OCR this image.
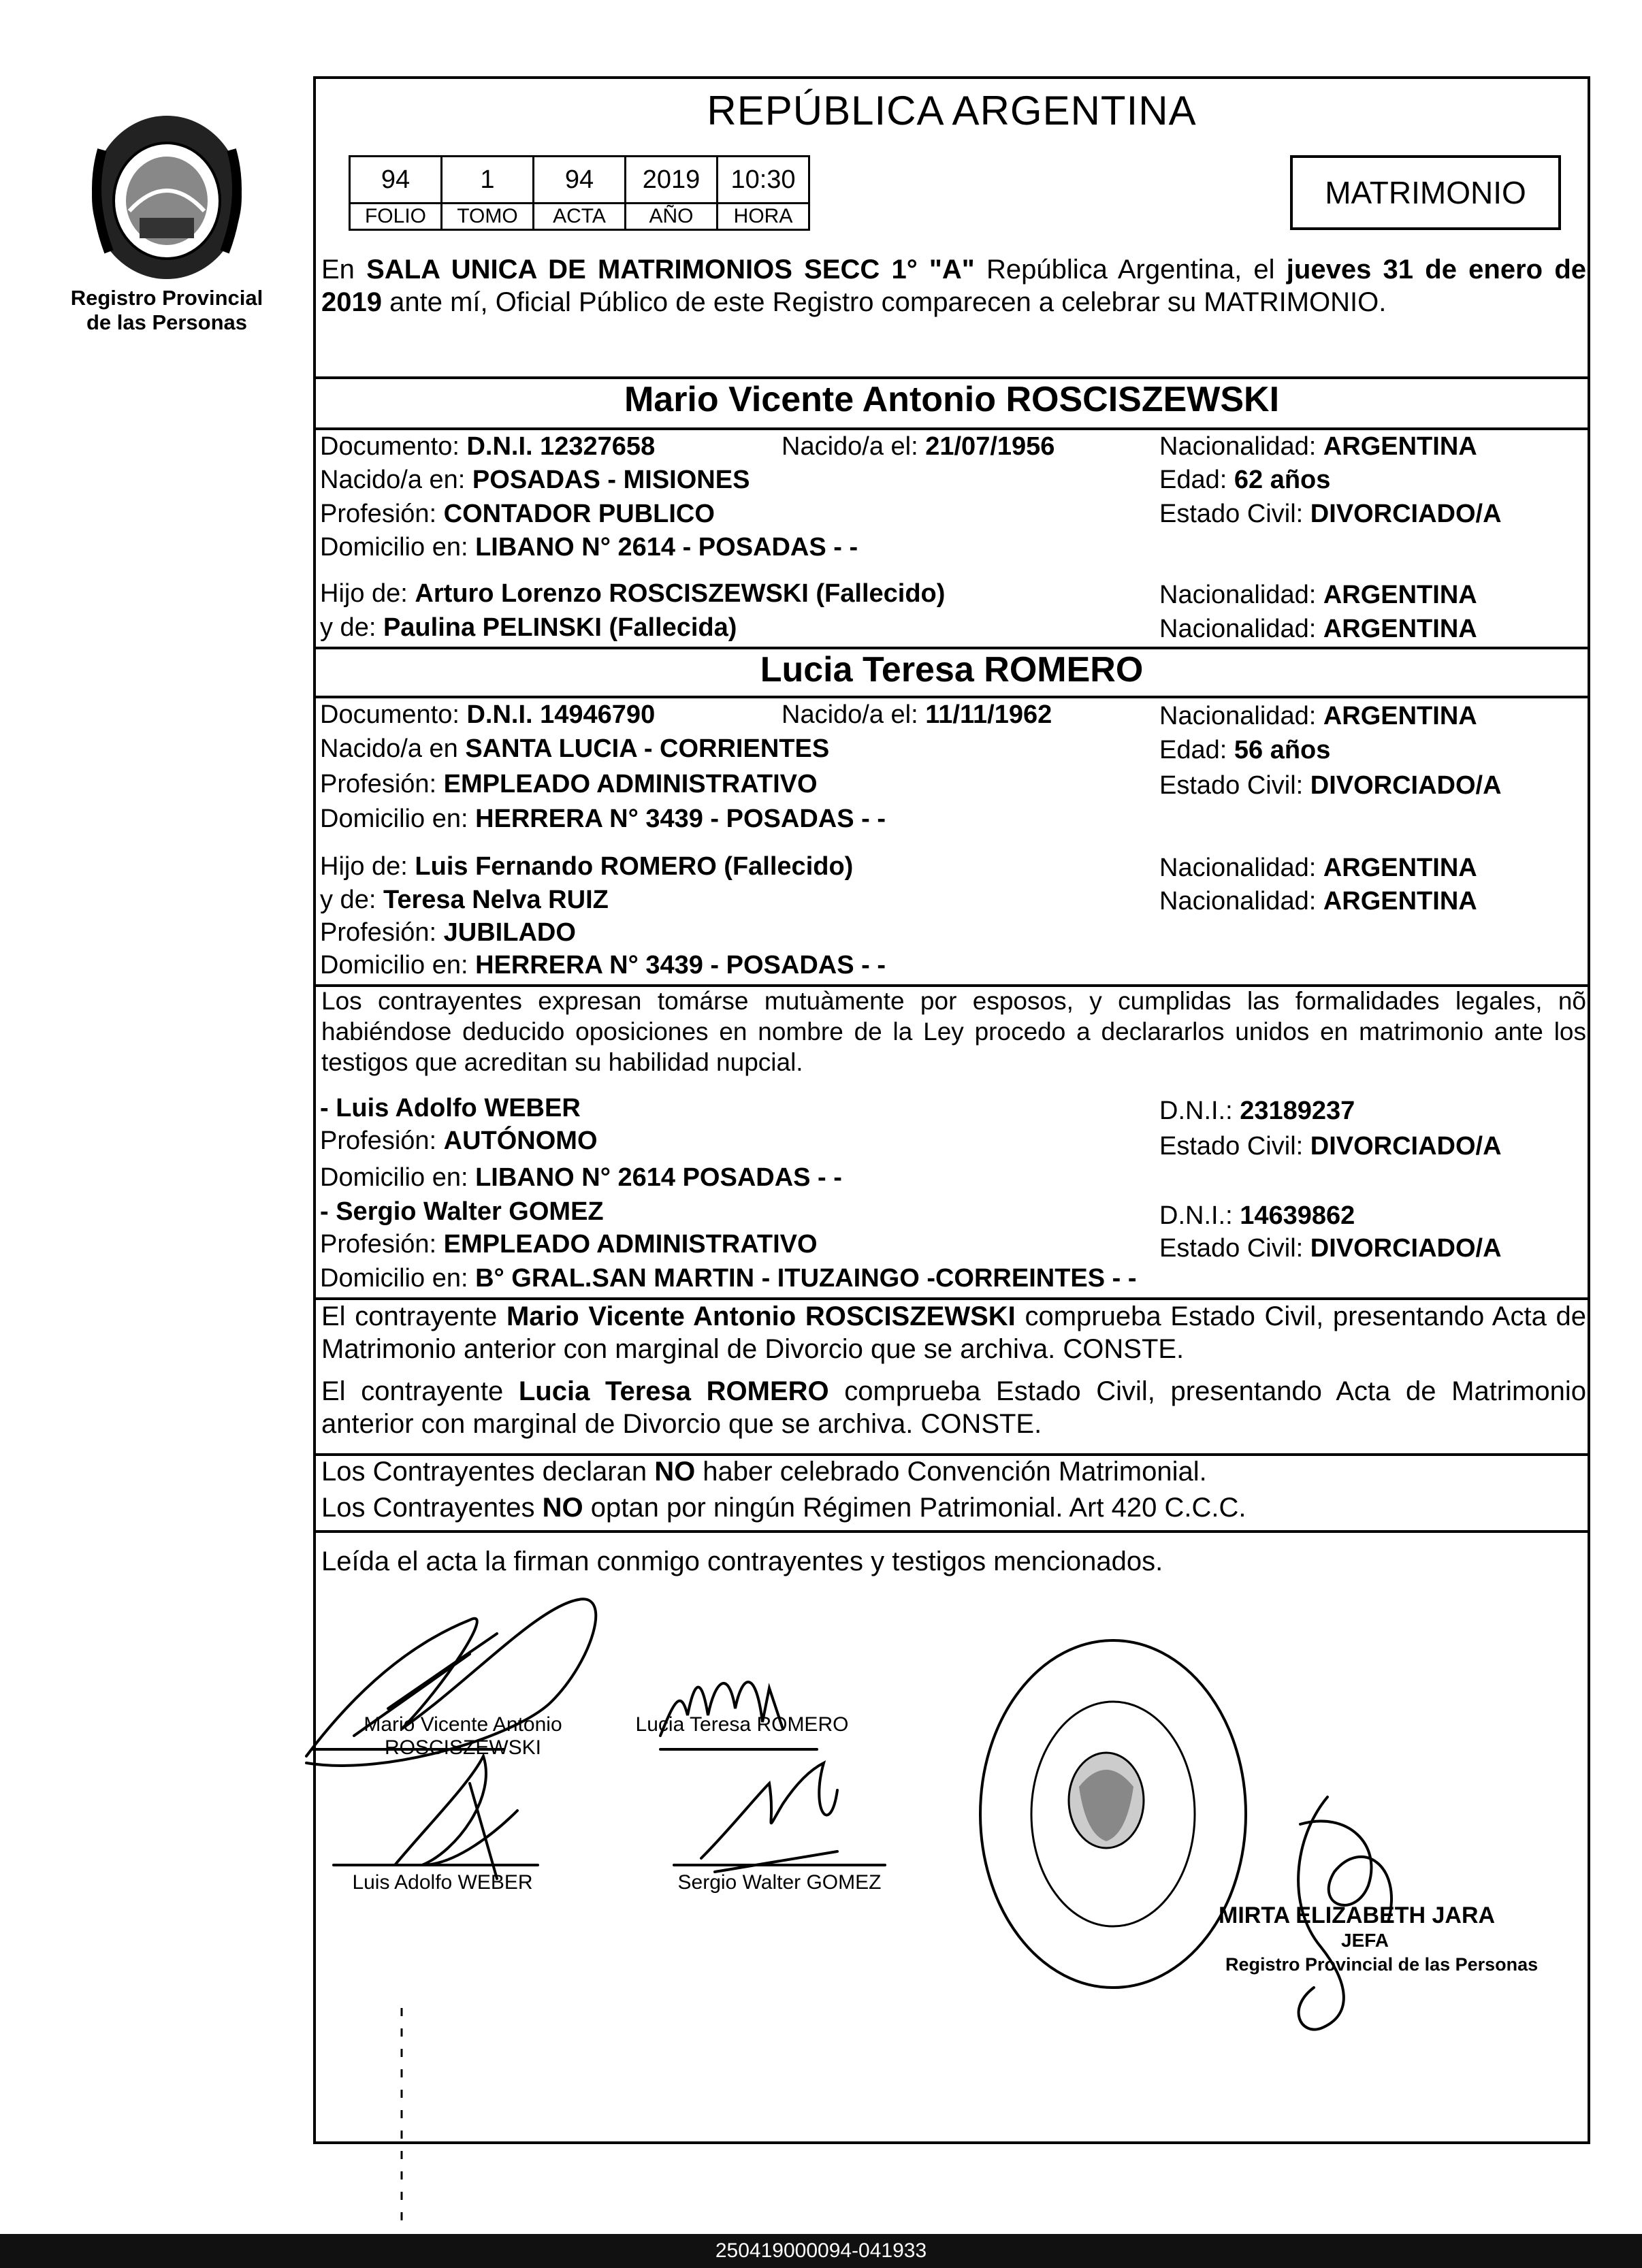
Registro Provincial
de las Personas
REPÚBLICA ARGENTINA
94	1	94	2019	10:30
FOLIO	TOMO	ACTA	AÑO	HORA
MATRIMONIO
En SALA UNICA DE MATRIMONIOS SECC 1° "A" República Argentina, el jueves 31 de enero de 2019 ante mí, Oficial Público de este Registro comparecen a celebrar su MATRIMONIO.
Mario Vicente Antonio ROSCISZEWSKI
Documento: D.N.I. 12327658	Nacido/a el: 21/07/1956	Nacionalidad: ARGENTINA
Nacido/a en: POSADAS - MISIONES	Edad: 62 años
Profesión: CONTADOR PUBLICO	Estado Civil: DIVORCIADO/A
Domicilio en: LIBANO N° 2614 - POSADAS - -
Hijo de: Arturo Lorenzo ROSCISZEWSKI (Fallecido)	Nacionalidad: ARGENTINA
y de: Paulina PELINSKI (Fallecida)	Nacionalidad: ARGENTINA
Lucia Teresa ROMERO
Documento: D.N.I. 14946790	Nacido/a el: 11/11/1962	Nacionalidad: ARGENTINA
Nacido/a en SANTA LUCIA - CORRIENTES	Edad: 56 años
Profesión: EMPLEADO ADMINISTRATIVO	Estado Civil: DIVORCIADO/A
Domicilio en: HERRERA N° 3439 - POSADAS - -
Hijo de: Luis Fernando ROMERO (Fallecido)	Nacionalidad: ARGENTINA
y de: Teresa Nelva RUIZ	Nacionalidad: ARGENTINA
Profesión: JUBILADO
Domicilio en: HERRERA N° 3439 - POSADAS - -
Los contrayentes expresan tomárse mutuàmente por esposos, y cumplidas las formalidades legales, nõ habiéndose deducido oposiciones en nombre de la Ley procedo a declararlos unidos en matrimonio ante los testigos que acreditan su habilidad nupcial.
- Luis Adolfo WEBER	D.N.I.: 23189237
Profesión: AUTÓNOMO	Estado Civil: DIVORCIADO/A
Domicilio en: LIBANO N° 2614 POSADAS - -
- Sergio Walter GOMEZ	D.N.I.: 14639862
Profesión: EMPLEADO ADMINISTRATIVO	Estado Civil: DIVORCIADO/A
Domicilio en: B° GRAL.SAN MARTIN - ITUZAINGO -CORREINTES - -
El contrayente Mario Vicente Antonio ROSCISZEWSKI comprueba Estado Civil, presentando Acta de Matrimonio anterior con marginal de Divorcio que se archiva. CONSTE.
El contrayente Lucia Teresa ROMERO comprueba Estado Civil, presentando Acta de Matrimonio anterior con marginal de Divorcio que se archiva. CONSTE.
Los Contrayentes declaran NO haber celebrado Convención Matrimonial.
Los Contrayentes NO optan por ningún Régimen Patrimonial. Art 420 C.C.C.
Leída el acta la firman conmigo contrayentes y testigos mencionados.
Mario Vicente Antonio
ROSCISZEWSKI
Lucia Teresa ROMERO
Luis Adolfo WEBER	Sergio Walter GOMEZ
MIRTA ELIZABETH JARA
JEFA
Registro Provincial de las Personas
250419000094-041933
